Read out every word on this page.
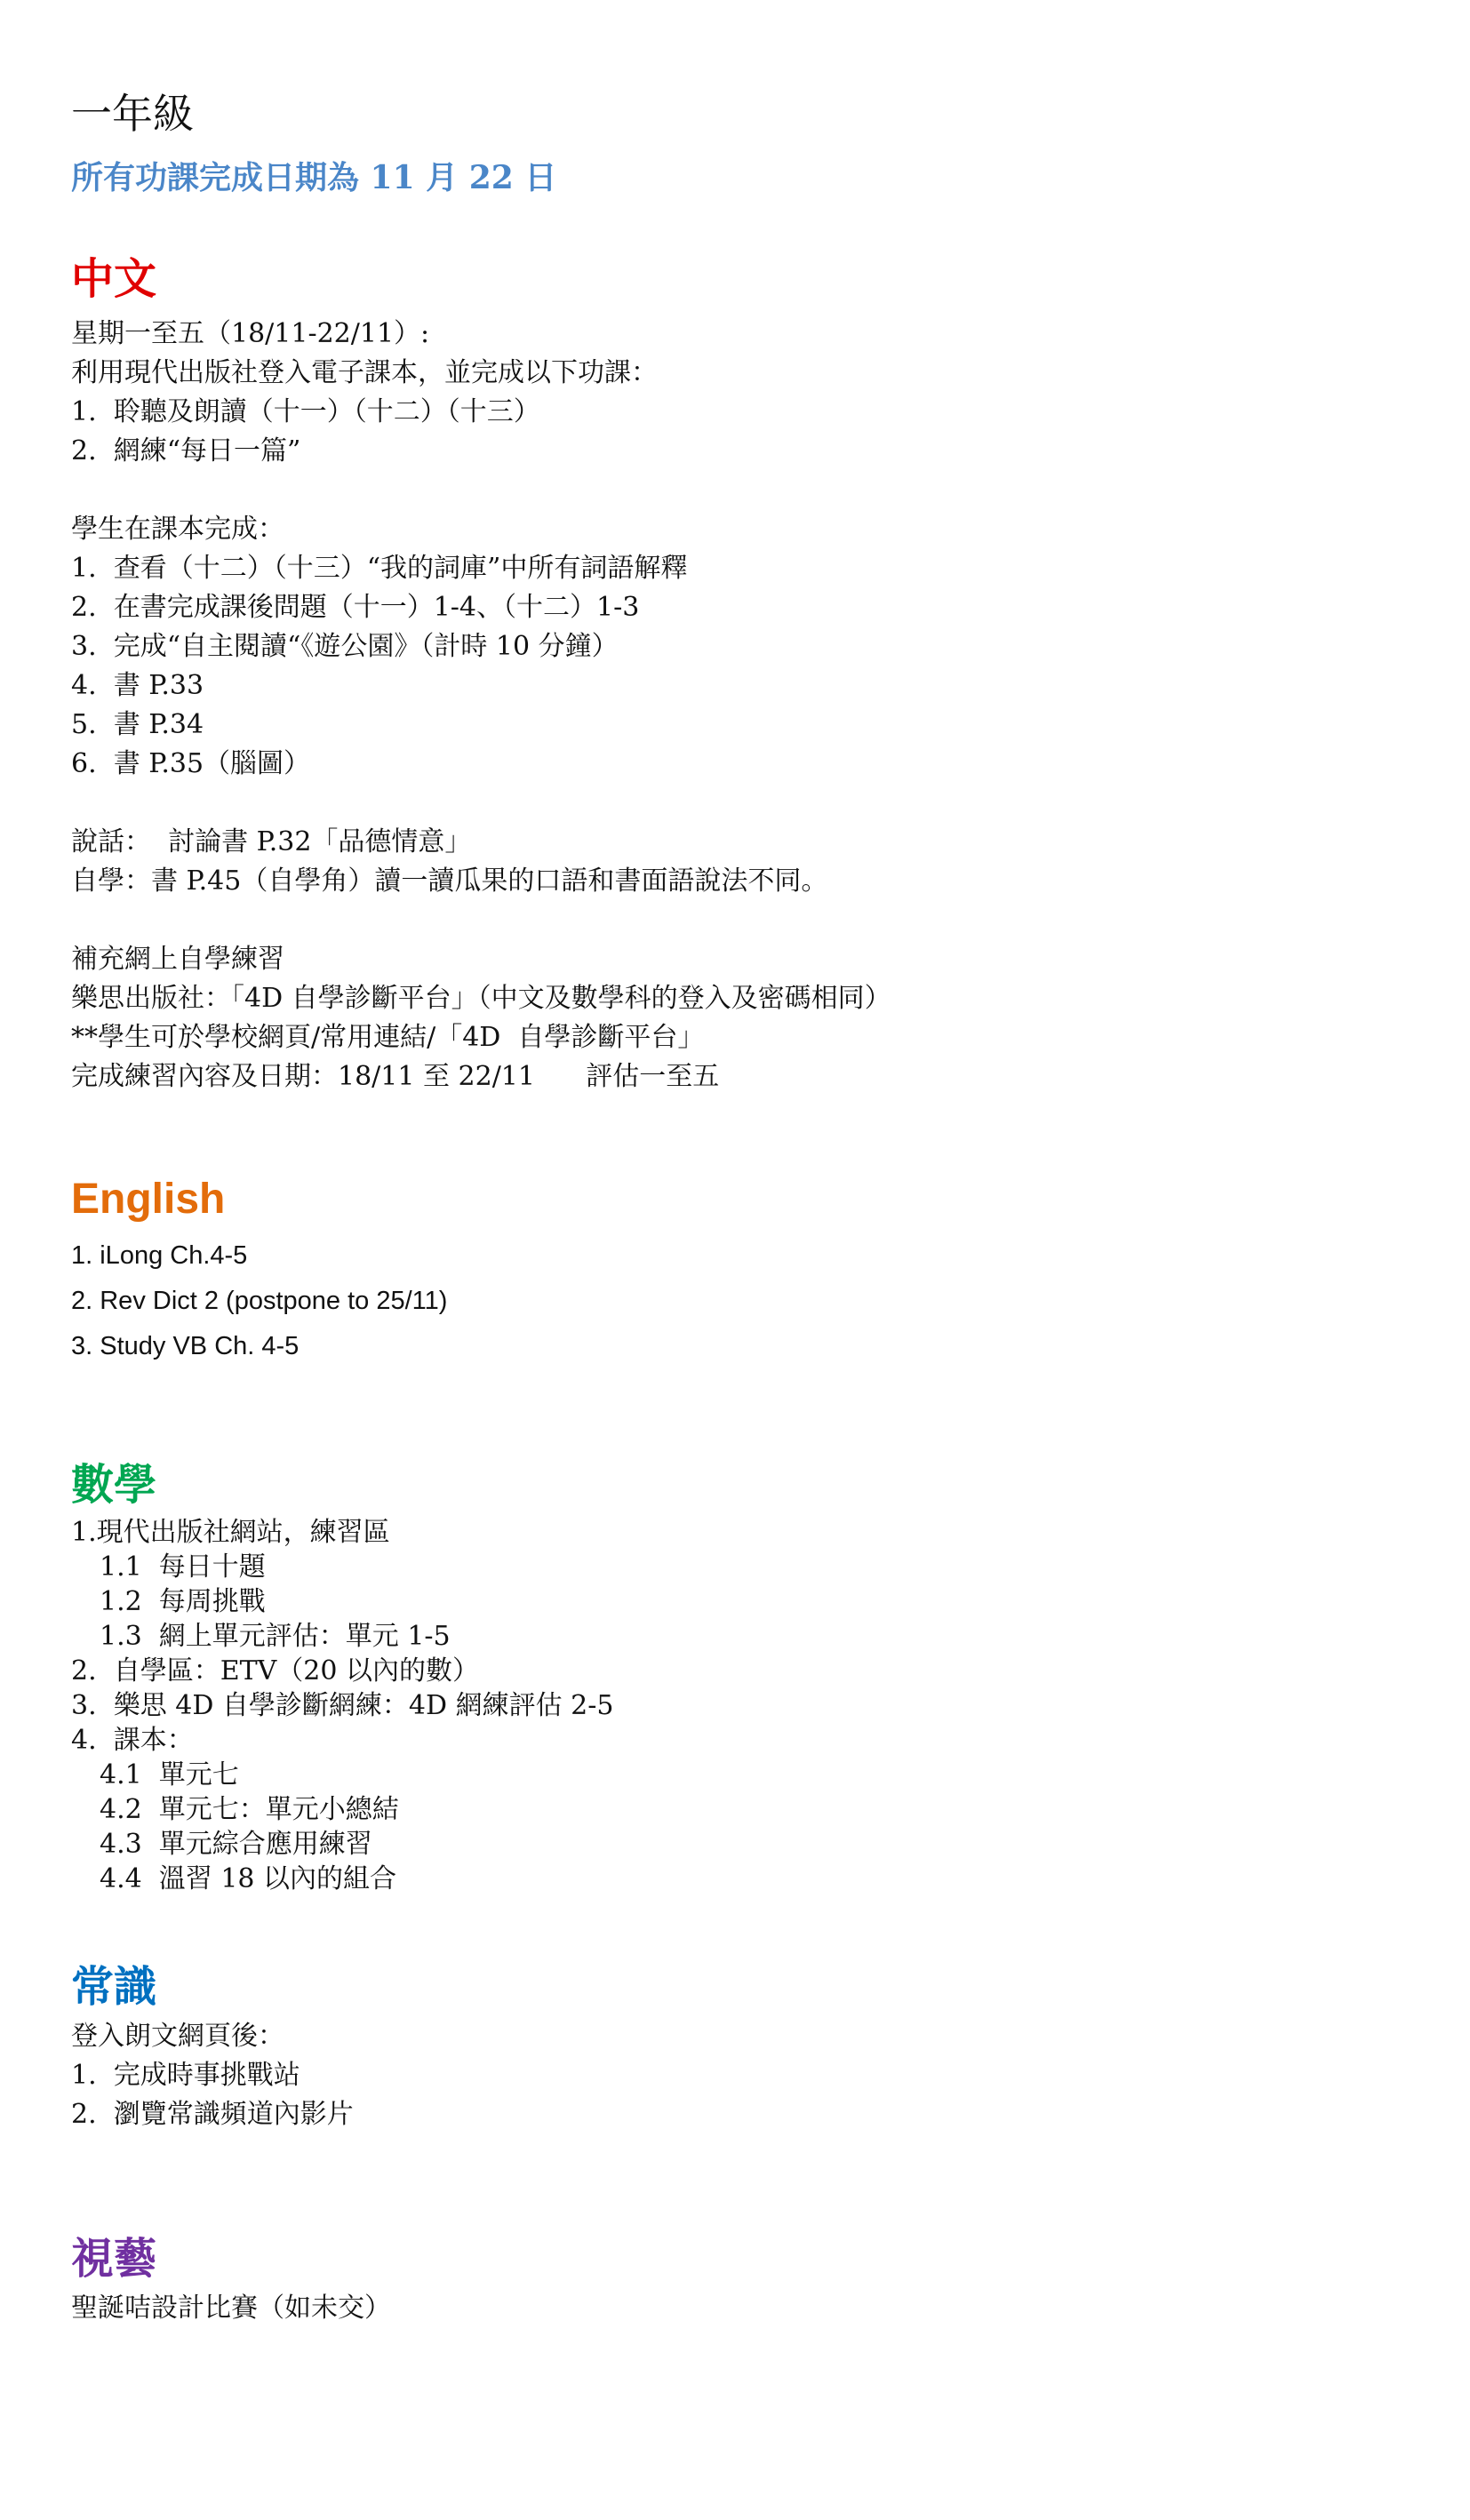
一年級

所有功課完成日期為 11 月 22 日

中文

星期一至五（18/11-22/11）:

利用現代出版社登入電子課本，並完成以下功課：

1.  聆聽及朗讀（十一）（十二）（十三）

2.  網練“每日一篇”

學生在課本完成：

1.  查看（十二）（十三）“我的詞庫”中所有詞語解釋

2.  在書完成課後問題（十一）1-4、（十二）1-3

3.  完成“自主閱讀“《遊公園》（計時 10 分鐘）

4.  書 P.33

5.  書 P.34

6.  書 P.35（腦圖）

說話：  討論書 P.32「品德情意」

自學：書 P.45（自學角）讀一讀瓜果的口語和書面語說法不同。

補充網上自學練習

樂思出版社：「4D 自學診斷平台」（中文及數學科的登入及密碼相同）

**學生可於學校網頁/常用連結/「4D  自學診斷平台」

完成練習內容及日期：18/11 至 22/11      評估一至五

English

1. iLong Ch.4-5

2. Rev Dict 2 (postpone to 25/11)

3. Study VB Ch. 4-5

數學

1.現代出版社網站，練習區

1.1  每日十題

1.2  每周挑戰

1.3  網上單元評估：單元 1-5

2.  自學區：ETV（20 以內的數）

3.  樂思 4D 自學診斷網練：4D 網練評估 2-5

4.  課本：

4.1  單元七

4.2  單元七：單元小總結

4.3  單元綜合應用練習

4.4  溫習 18 以內的組合

常識

登入朗文網頁後：

1.  完成時事挑戰站

2.  瀏覽常識頻道內影片

視藝

聖誕咭設計比賽（如未交）
